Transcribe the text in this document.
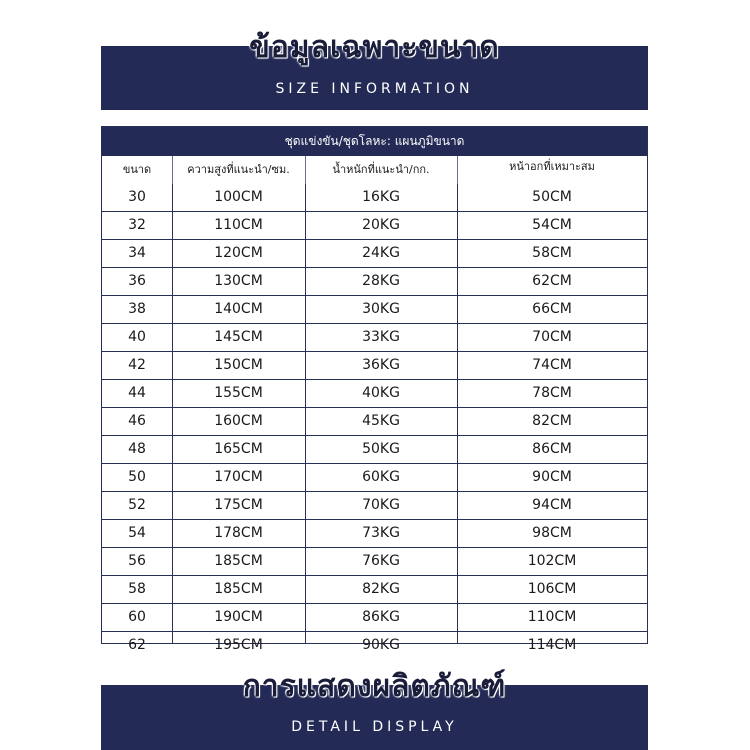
ข้อมูลเฉพาะขนาด
SIZE INFORMATION
ชุดแข่งขัน/ชุดโลหะ: แผนภูมิขนาด
ขนาด	ความสูงที่แนะนำ/ซม.	น้ำหนักที่แนะนำ/กก.	หน้าอกที่เหมาะสม
30	100CM	16KG	50CM
32	110CM	20KG	54CM
34	120CM	24KG	58CM
36	130CM	28KG	62CM
38	140CM	30KG	66CM
40	145CM	33KG	70CM
42	150CM	36KG	74CM
44	155CM	40KG	78CM
46	160CM	45KG	82CM
48	165CM	50KG	86CM
50	170CM	60KG	90CM
52	175CM	70KG	94CM
54	178CM	73KG	98CM
56	185CM	76KG	102CM
58	185CM	82KG	106CM
60	190CM	86KG	110CM
62	195CM	90KG	114CM
การแสดงผลิตภัณฑ์
DETAIL DISPLAY
